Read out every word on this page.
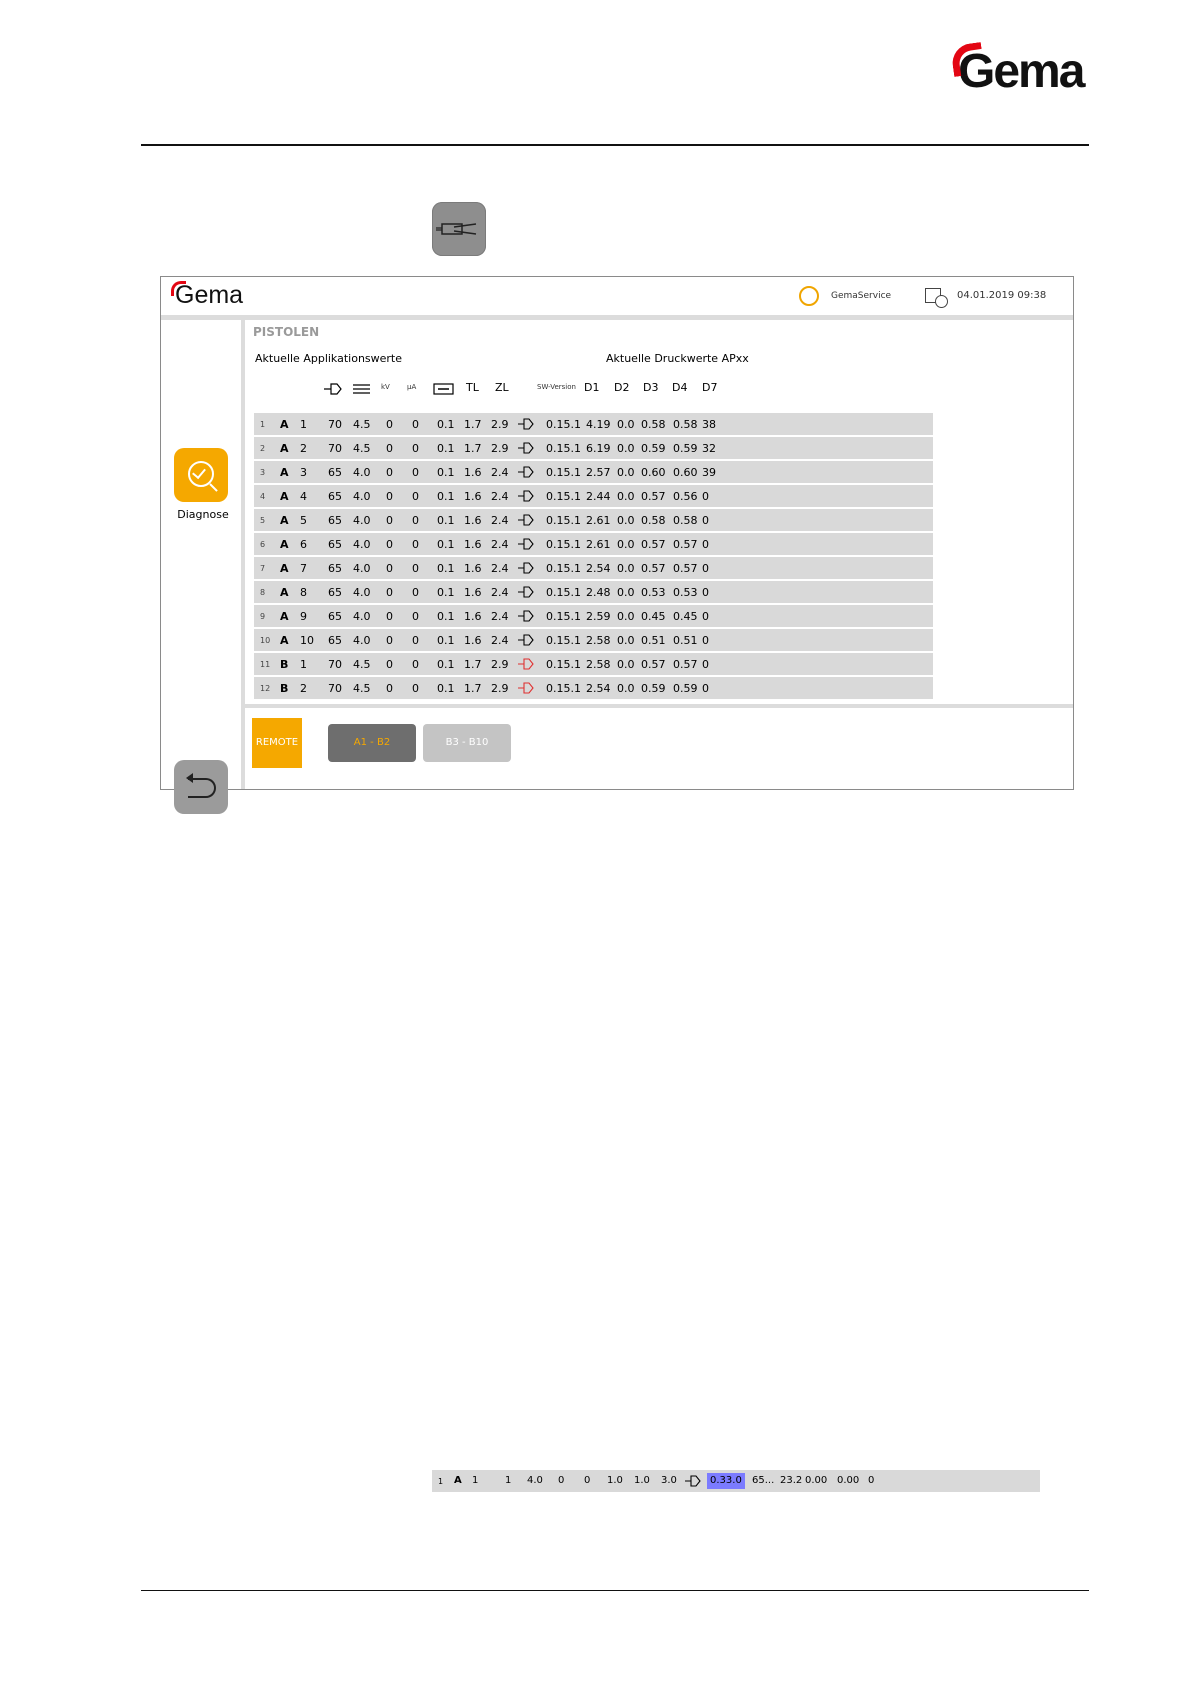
Gema
Gema	GemaService	04.01.2019 09:38
Diagnose
PISTOLEN
Aktuelle Applikationswerte	Aktuelle Druckwerte APxx
kV µA	TL ZL	SW-Version D1 D2 D3 D4 D7
1 A 1 70 4.5 0 0 0.1 1.7 2.9	0.15.1 4.19 0.0 0.58 0.58 38
2 A 2 70 4.5 0 0 0.1 1.7 2.9	0.15.1 6.19 0.0 0.59 0.59 32
3 A 3 65 4.0 0 0 0.1 1.6 2.4	0.15.1 2.57 0.0 0.60 0.60 39
4 A 4 65 4.0 0 0 0.1 1.6 2.4	0.15.1 2.44 0.0 0.57 0.56 0
5 A 5 65 4.0 0 0 0.1 1.6 2.4	0.15.1 2.61 0.0 0.58 0.58 0
6 A 6 65 4.0 0 0 0.1 1.6 2.4	0.15.1 2.61 0.0 0.57 0.57 0
7 A 7 65 4.0 0 0 0.1 1.6 2.4	0.15.1 2.54 0.0 0.57 0.57 0
8 A 8 65 4.0 0 0 0.1 1.6 2.4	0.15.1 2.48 0.0 0.53 0.53 0
9 A 9 65 4.0 0 0 0.1 1.6 2.4	0.15.1 2.59 0.0 0.45 0.45 0
10 A 10 65 4.0 0 0 0.1 1.6 2.4	0.15.1 2.58 0.0 0.51 0.51 0
11 B 1 70 4.5 0 0 0.1 1.7 2.9	0.15.1 2.58 0.0 0.57 0.57 0
12 B 2 70 4.5 0 0 0.1 1.7 2.9	0.15.1 2.54 0.0 0.59 0.59 0
REMOTE	A1 - B2	B3 - B10
1 A 1	1 4.0 0 0 1.0 1.0 3.0	0.33.0	65... 23.2 0.00 0.00 0
